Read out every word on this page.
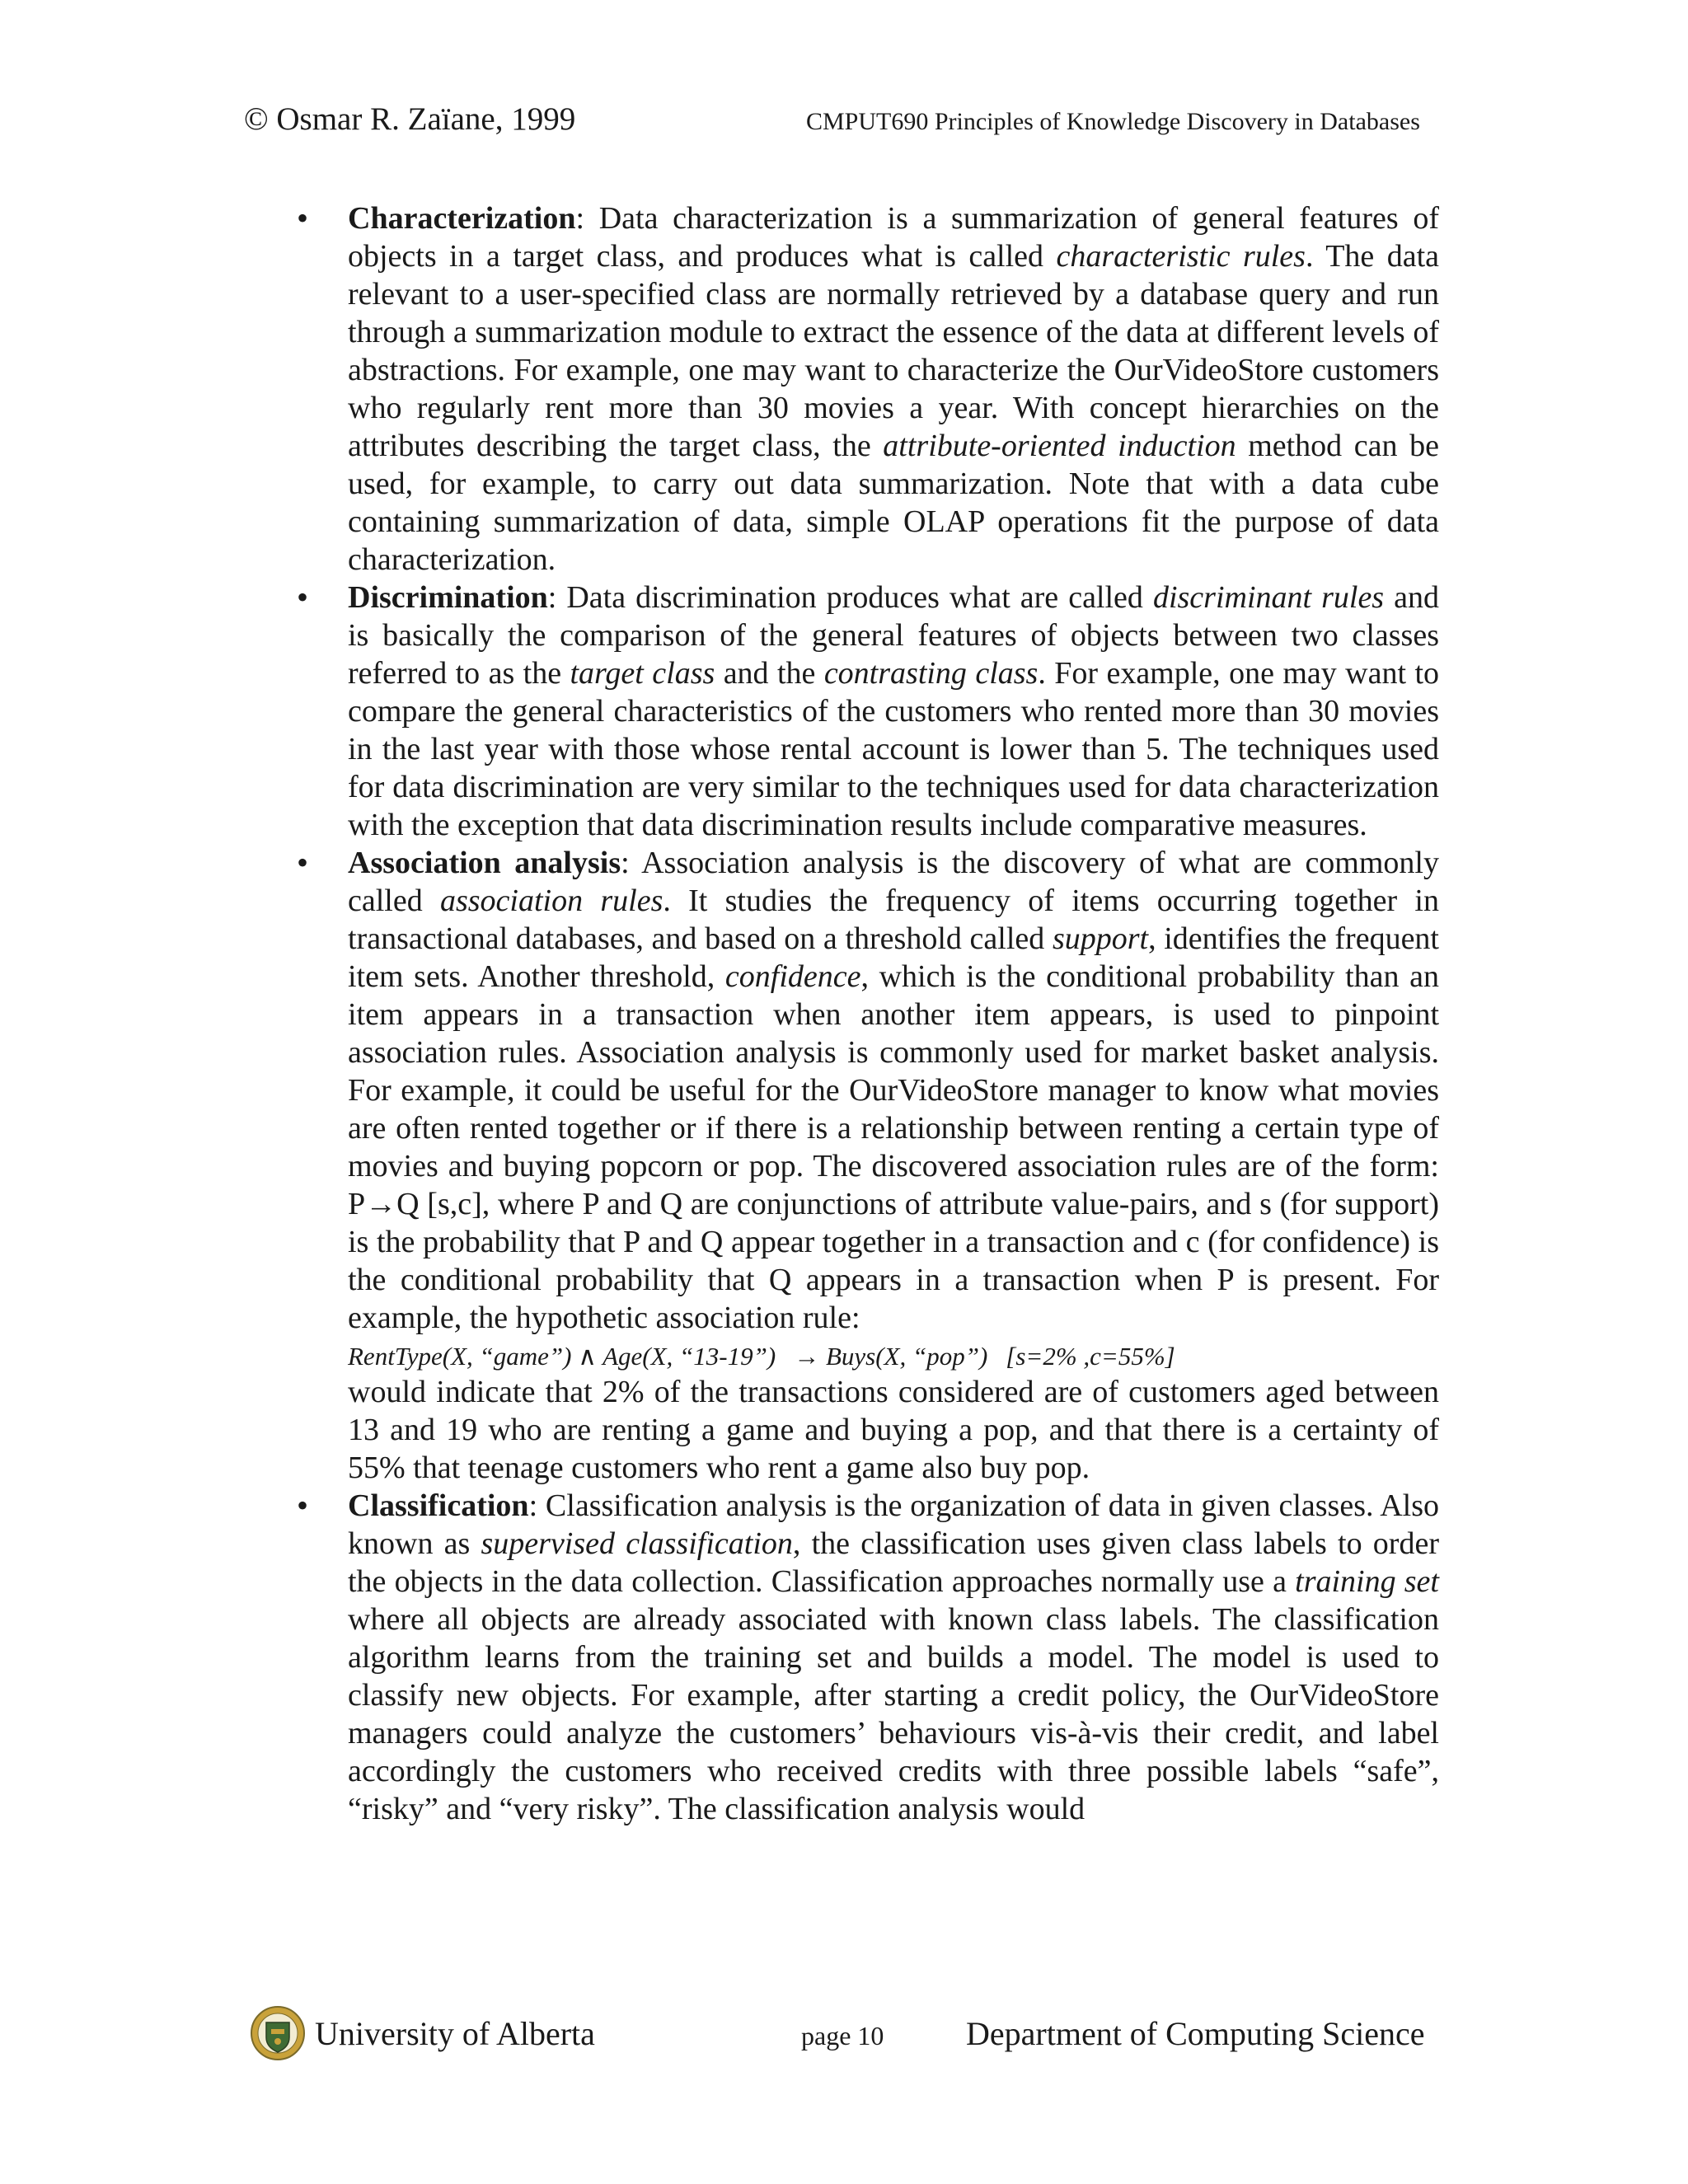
© Osmar R. Zaïane, 1999	CMPUT690 Principles of Knowledge Discovery in Databases
• Characterization: Data characterization is a summarization of general features of objects in a target class, and produces what is called characteristic rules. The data relevant to a user-specified class are normally retrieved by a database query and run through a summarization module to extract the essence of the data at different levels of abstractions. For example, one may want to characterize the OurVideoStore customers who regularly rent more than 30 movies a year. With concept hierarchies on the attributes describing the target class, the attribute-oriented induction method can be used, for example, to carry out data summarization. Note that with a data cube containing summarization of data, simple OLAP operations fit the purpose of data characterization.
• Discrimination: Data discrimination produces what are called discriminant rules and is basically the comparison of the general features of objects between two classes referred to as the target class and the contrasting class. For example, one may want to compare the general characteristics of the customers who rented more than 30 movies in the last year with those whose rental account is lower than 5. The techniques used for data discrimination are very similar to the techniques used for data characterization with the exception that data discrimination results include comparative measures.
• Association analysis: Association analysis is the discovery of what are commonly called association rules. It studies the frequency of items occurring together in transactional databases, and based on a threshold called support, identifies the frequent item sets. Another threshold, confidence, which is the conditional probability than an item appears in a transaction when another item appears, is used to pinpoint association rules. Association analysis is commonly used for market basket analysis. For example, it could be useful for the OurVideoStore manager to know what movies are often rented together or if there is a relationship between renting a certain type of movies and buying popcorn or pop. The discovered association rules are of the form: P→Q [s,c], where P and Q are conjunctions of attribute value-pairs, and s (for support) is the probability that P and Q appear together in a transaction and c (for confidence) is the conditional probability that Q appears in a transaction when P is present. For example, the hypothetic association rule:
RentType(X, “game”) ∧ Age(X, “13-19”) → Buys(X, “pop”) [s=2% ,c=55%]
would indicate that 2% of the transactions considered are of customers aged between 13 and 19 who are renting a game and buying a pop, and that there is a certainty of 55% that teenage customers who rent a game also buy pop.
• Classification: Classification analysis is the organization of data in given classes. Also known as supervised classification, the classification uses given class labels to order the objects in the data collection. Classification approaches normally use a training set where all objects are already associated with known class labels. The classification algorithm learns from the training set and builds a model. The model is used to classify new objects. For example, after starting a credit policy, the OurVideoStore managers could analyze the customers’ behaviours vis-à-vis their credit, and label accordingly the customers who received credits with three possible labels “safe”, “risky” and “very risky”. The classification analysis would
University of Alberta	page 10 Department of Computing Science
